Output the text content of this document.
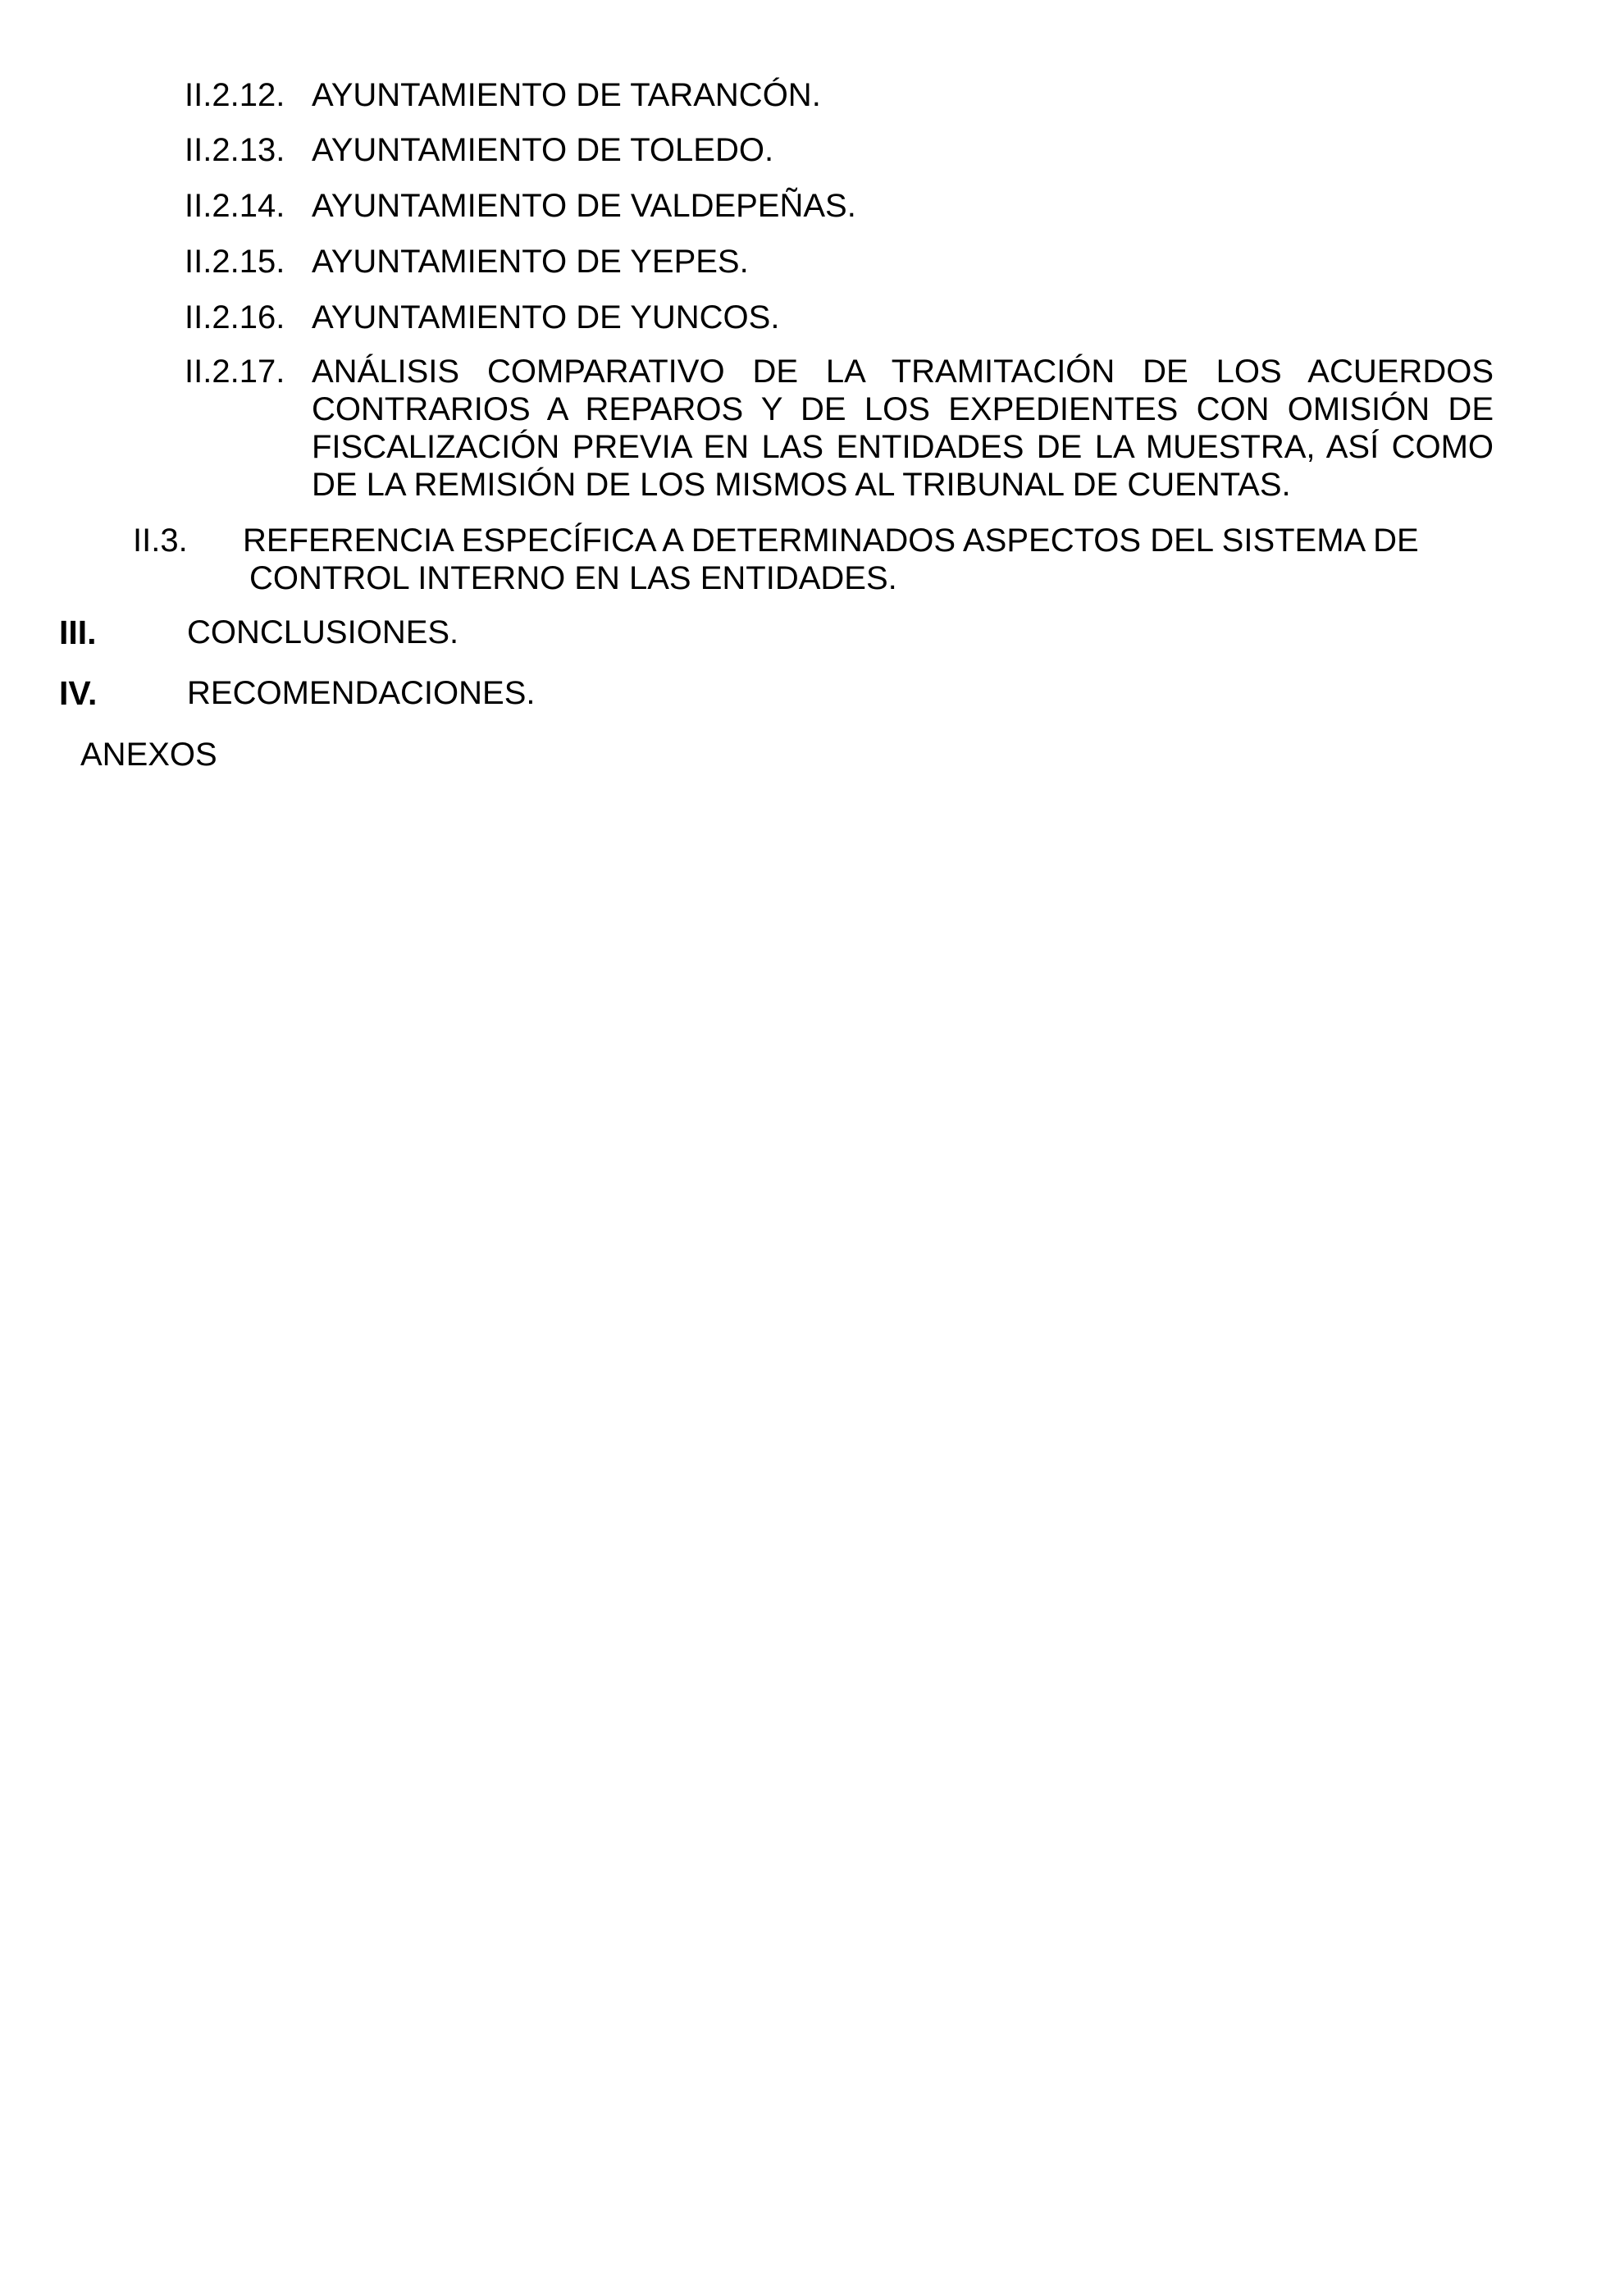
II.2.12. AYUNTAMIENTO DE TARANCÓN.
II.2.13. AYUNTAMIENTO DE TOLEDO.
II.2.14. AYUNTAMIENTO DE VALDEPEÑAS.
II.2.15. AYUNTAMIENTO DE YEPES.
II.2.16. AYUNTAMIENTO DE YUNCOS.
II.2.17. ANÁLISIS COMPARATIVO DE LA TRAMITACIÓN DE LOS ACUERDOS CONTRARIOS A REPAROS Y DE LOS EXPEDIENTES CON OMISIÓN DE FISCALIZACIÓN PREVIA EN LAS ENTIDADES DE LA MUESTRA, ASÍ COMO DE LA REMISIÓN DE LOS MISMOS AL TRIBUNAL DE CUENTAS.
II.3. REFERENCIA ESPECÍFICA A DETERMINADOS ASPECTOS DEL SISTEMA DE
CONTROL INTERNO EN LAS ENTIDADES.
III.	CONCLUSIONES.
IV.	RECOMENDACIONES.
ANEXOS
